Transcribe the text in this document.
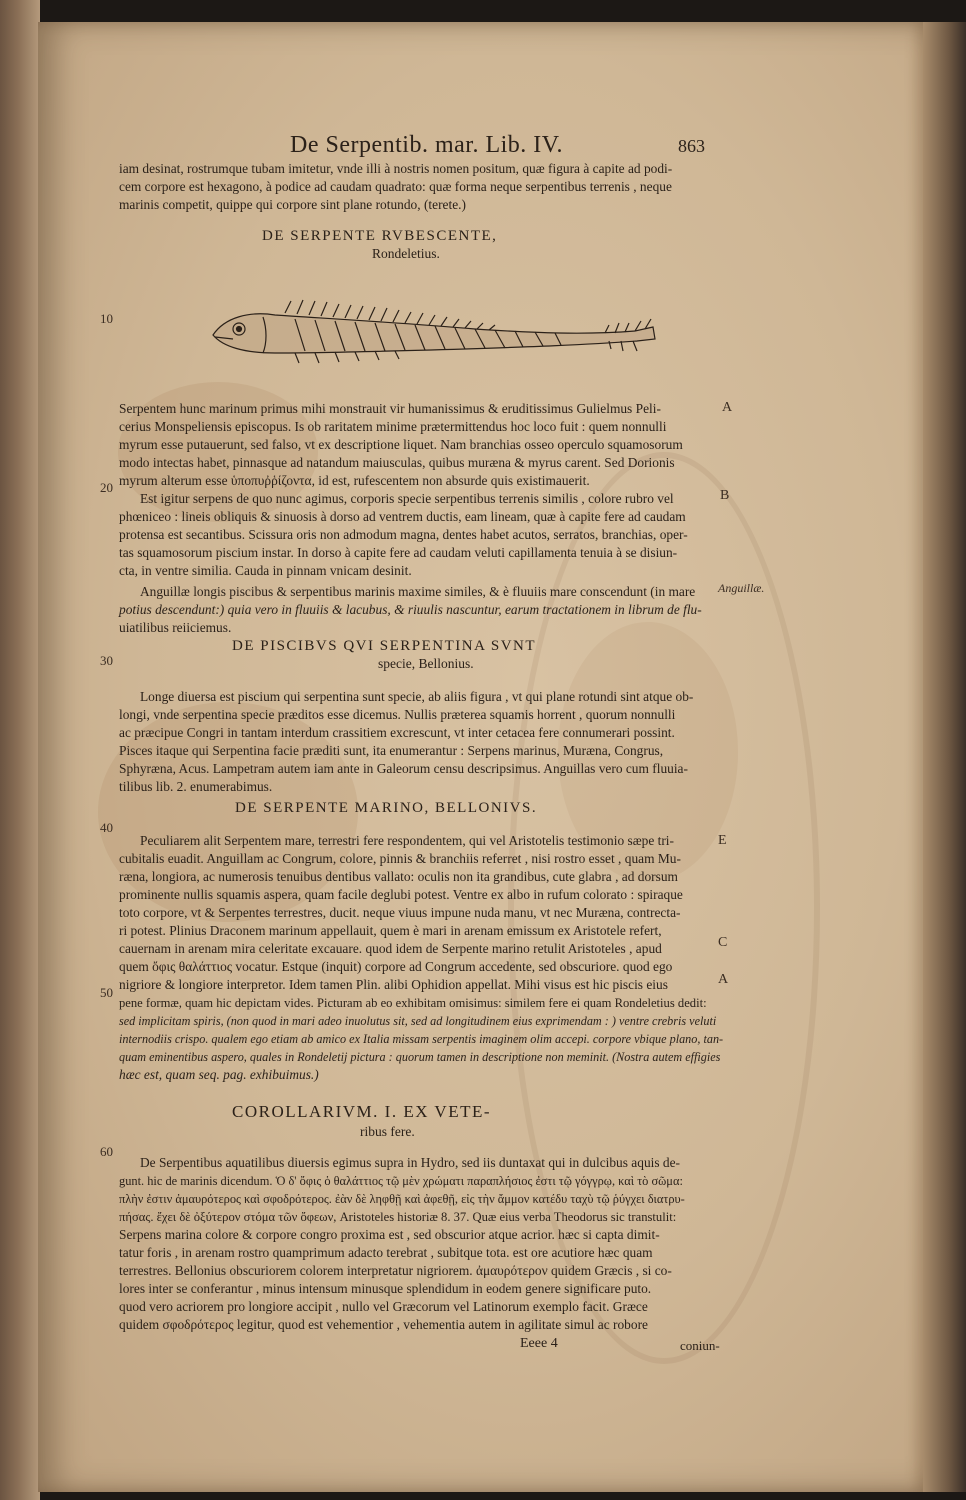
De Serpentib. mar. Lib. IV.	863
iam desinat, rostrumque tubam imitetur, vnde illi à nostris nomen positum, quæ figura à capite ad podi-
cem corpore est hexagono, à podice ad caudam quadrato: quæ forma neque serpentibus terrenis , neque
marinis competit, quippe qui corpore sint plane rotundo, (terete.)
DE SERPENTE RVBESCENTE,
Rondeletius.
Serpentem hunc marinum primus mihi monstrauit vir humanissimus & eruditissimus Gulielmus Peli-
cerius Monspeliensis episcopus. Is ob raritatem minime prætermittendus hoc loco fuit : quem nonnulli
myrum esse putauerunt, sed falso, vt ex descriptione liquet. Nam branchias osseo operculo squamosorum
modo intectas habet, pinnasque ad natandum maiusculas, quibus muræna & myrus carent. Sed Dorionis
myrum alterum esse ὑποπυῤῥίζοντα, id est, rufescentem non absurde quis existimauerit.
Est igitur serpens de quo nunc agimus, corporis specie serpentibus terrenis similis , colore rubro vel
phœniceo : lineis obliquis & sinuosis à dorso ad ventrem ductis, eam lineam, quæ à capite fere ad caudam
protensa est secantibus. Scissura oris non admodum magna, dentes habet acutos, serratos, branchias, oper-
tas squamosorum piscium instar. In dorso à capite fere ad caudam veluti capillamenta tenuia à se disiun-
cta, in ventre similia. Cauda in pinnam vnicam desinit.
Anguillæ longis piscibus & serpentibus marinis maxime similes, & è fluuiis mare conscendunt (in mare
potius descendunt:) quia vero in fluuiis & lacubus, & riuulis nascuntur, earum tractationem in librum de flu-
uiatilibus reiiciemus.
DE PISCIBVS QVI SERPENTINA SVNT
specie, Bellonius.
Longe diuersa est piscium qui serpentina sunt specie, ab aliis figura , vt qui plane rotundi sint atque ob-
longi, vnde serpentina specie præditos esse dicemus. Nullis præterea squamis horrent , quorum nonnulli
ac præcipue Congri in tantam interdum crassitiem excrescunt, vt inter cetacea fere connumerari possint.
Pisces itaque qui Serpentina facie præditi sunt, ita enumerantur : Serpens marinus, Muræna, Congrus,
Sphyræna, Acus. Lampetram autem iam ante in Galeorum censu descripsimus. Anguillas vero cum fluuia-
tilibus lib. 2. enumerabimus.
DE SERPENTE MARINO, BELLONIVS.
Peculiarem alit Serpentem mare, terrestri fere respondentem, qui vel Aristotelis testimonio sæpe tri-
cubitalis euadit. Anguillam ac Congrum, colore, pinnis & branchiis referret , nisi rostro esset , quam Mu-
ræna, longiora, ac numerosis tenuibus dentibus vallato: oculis non ita grandibus, cute glabra , ad dorsum
prominente nullis squamis aspera, quam facile deglubi potest. Ventre ex albo in rufum colorato : spiraque
toto corpore, vt & Serpentes terrestres, ducit. neque viuus impune nuda manu, vt nec Muræna, contrecta-
ri potest. Plinius Draconem marinum appellauit, quem è mari in arenam emissum ex Aristotele refert,
cauernam in arenam mira celeritate excauare. quod idem de Serpente marino retulit Aristoteles , apud
quem ὄφις θαλάττιος vocatur. Estque (inquit) corpore ad Congrum accedente, sed obscuriore. quod ego
nigriore & longiore interpretor. Idem tamen Plin. alibi Ophidion appellat. Mihi visus est hic piscis eius
pene formæ, quam hic depictam vides. Picturam ab eo exhibitam omisimus: similem fere ei quam Rondeletius dedit:
sed implicitam spiris, (non quod in mari adeo inuolutus sit, sed ad longitudinem eius exprimendam : ) ventre crebris veluti
internodiis crispo. qualem ego etiam ab amico ex Italia missam serpentis imaginem olim accepi. corpore vbique plano, tan-
quam eminentibus aspero, quales in Rondeletij pictura : quorum tamen in descriptione non meminit. (Nostra autem effigies
hæc est, quam seq. pag. exhibuimus.)
COROLLARIVM. I. EX VETE-
ribus fere.
De Serpentibus aquatilibus diuersis egimus supra in Hydro, sed iis duntaxat qui in dulcibus aquis de-
gunt. hic de marinis dicendum. Ὁ δ' ὄφις ὁ θαλάττιος τῷ μὲν χρώματι παραπλήσιος ἐστι τῷ γόγγρῳ, καὶ τὸ σῶμα:
πλὴν ἐστιν ἀμαυρότερος καὶ σφοδρότερος. ἐὰν δὲ ληφθῇ καὶ ἀφεθῇ, εἰς τὴν ἄμμον κατέδυ ταχὺ τῷ ῥύγχει διατρυ-
πήσας. ἔχει δὲ ὀξύτερον στόμα τῶν ὄφεων, Aristoteles historiæ 8. 37. Quæ eius verba Theodorus sic transtulit:
Serpens marina colore & corpore congro proxima est , sed obscurior atque acrior. hæc si capta dimit-
tatur foris , in arenam rostro quamprimum adacto terebrat , subitque tota. est ore acutiore hæc quam
terrestres. Bellonius obscuriorem colorem interpretatur nigriorem. ἀμαυρότερον quidem Græcis , si co-
lores inter se conferantur , minus intensum minusque splendidum in eodem genere significare puto.
quod vero acriorem pro longiore accipit , nullo vel Græcorum vel Latinorum exemplo facit. Græce
quidem σφοδρότερος legitur, quod est vehementior , vehementia autem in agilitate simul ac robore
Eeee 4	coniun-
10
20
30
40
50
60
A
B
E
C
A
Anguillæ.
